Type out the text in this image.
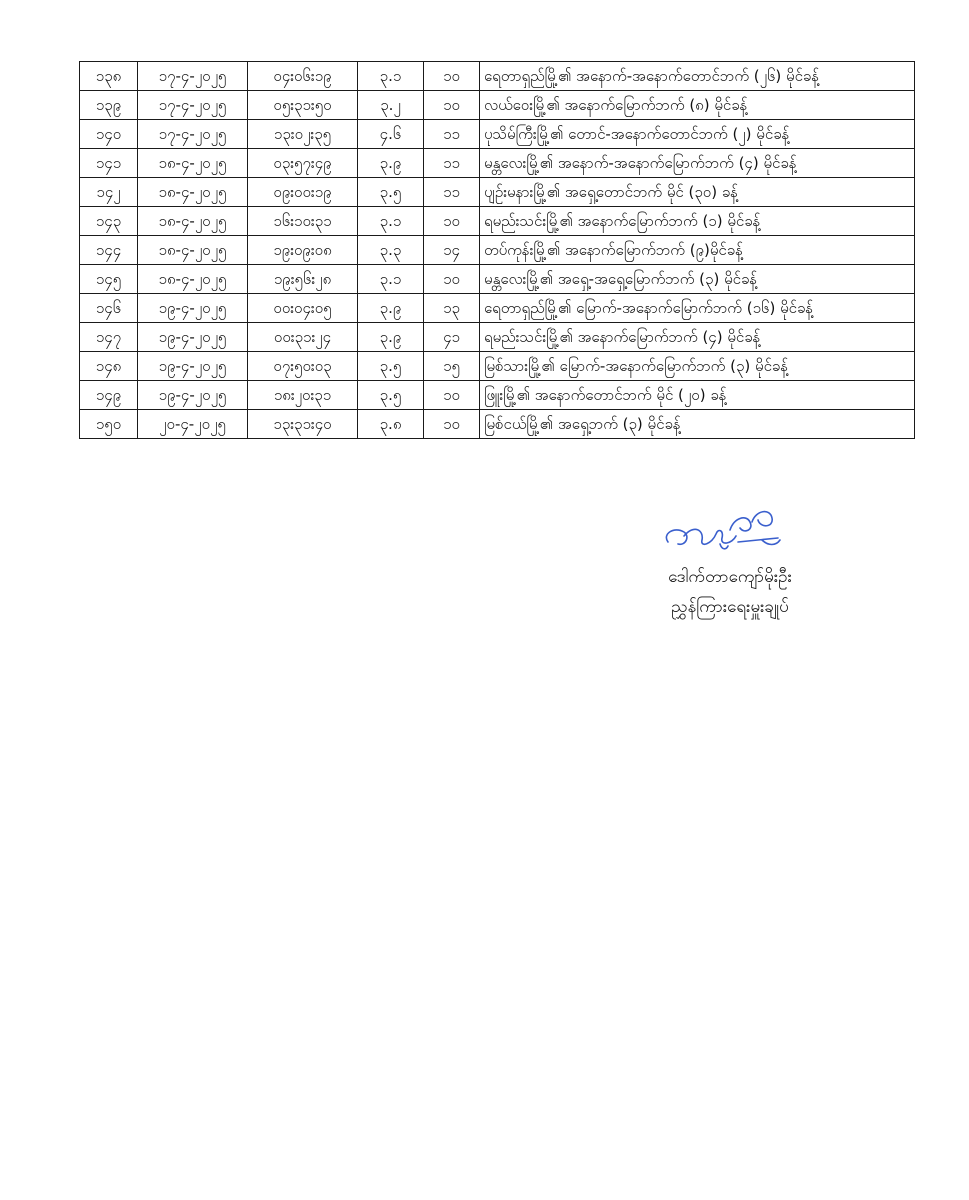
၁၃၈	၁၇-၄-၂၀၂၅	၀၄း၀၆း၁၉	၃.၁	၁၀	ရေတာရှည်မြို့၏ အနောက်-အနောက်တောင်ဘက် (၂၆) မိုင်ခန့်
၁၃၉	၁၇-၄-၂၀၂၅	၀၅း၃၁း၅၀	၃.၂	၁၀	လယ်ဝေးမြို့၏ အနောက်မြောက်ဘက် (၈) မိုင်ခန့်
၁၄၀	၁၇-၄-၂၀၂၅	၁၃း၀၂း၃၅	၄.၆	၁၁	ပုသိမ်ကြီးမြို့၏ တောင်-အနောက်တောင်ဘက် (၂) မိုင်ခန့်
၁၄၁	၁၈-၄-၂၀၂၅	၀၃း၅၇း၄၉	၃.၉	၁၁	မန္တလေးမြို့၏ အနောက်-အနောက်မြောက်ဘက် (၄) မိုင်ခန့်
၁၄၂	၁၈-၄-၂၀၂၅	၀၉း၀၀း၁၉	၃.၅	၁၁	ပျဉ်းမနားမြို့၏ အရှေ့တောင်ဘက် မိုင် (၃၀) ခန့်
၁၄၃	၁၈-၄-၂၀၂၅	၁၆း၁၀း၃၁	၃.၁	၁၀	ရမည်းသင်းမြို့၏ အနောက်မြောက်ဘက် (၁) မိုင်ခန့်
၁၄၄	၁၈-၄-၂၀၂၅	၁၉း၀၉း၀၈	၃.၃	၁၄	တပ်ကုန်းမြို့၏ အနောက်မြောက်ဘက် (၉)မိုင်ခန့်
၁၄၅	၁၈-၄-၂၀၂၅	၁၉း၅၆း၂၈	၃.၁	၁၀	မန္တလေးမြို့၏ အရှေ့-အရှေ့မြောက်ဘက် (၃) မိုင်ခန့်
၁၄၆	၁၉-၄-၂၀၂၅	၀၀း၀၄း၀၅	၃.၉	၁၃	ရေတာရှည်မြို့၏ မြောက်-အနောက်မြောက်ဘက် (၁၆) မိုင်ခန့်
၁၄၇	၁၉-၄-၂၀၂၅	၀၀း၃၁း၂၄	၃.၉	၄၁	ရမည်းသင်းမြို့၏ အနောက်မြောက်ဘက် (၄) မိုင်ခန့်
၁၄၈	၁၉-၄-၂၀၂၅	၀၇း၅၀း၀၃	၃.၅	၁၅	မြစ်သားမြို့၏ မြောက်-အနောက်မြောက်ဘက် (၃) မိုင်ခန့်
၁၄၉	၁၉-၄-၂၀၂၅	၁၈း၂၀း၃၁	၃.၅	၁၀	ဖြူးမြို့၏ အနောက်တောင်ဘက် မိုင် (၂၀) ခန့်
၁၅၀	၂၀-၄-၂၀၂၅	၁၃း၃၁း၄၀	၃.၈	၁၀	မြစ်ငယ်မြို့၏ အရှေ့ဘက် (၃) မိုင်ခန့်
ဒေါက်တာကျော်မိုးဦး
ညွှန်ကြားရေးမှူးချုပ်
